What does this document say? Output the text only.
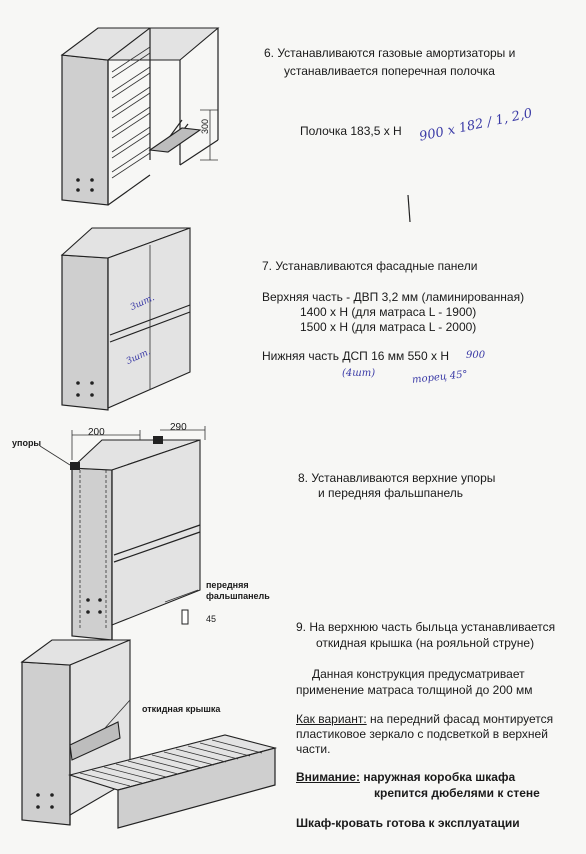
6. Устанавливаются газовые амортизаторы и
устанавливается поперечная полочка
Полочка 183,5 х Н 900 х 182 / 1, 2,0
300
7. Устанавливаются фасадные панели
Верхняя часть - ДВП 3,2 мм (ламинированная)
1400 х Н (для матраса L - 1900)
1500 х Н (для матраса L - 2000)
Нижняя часть ДСП 16 мм 550 х Н 900
(4шт)	торец 45°
3шт.
3шт.
8. Устанавливаются верхние упоры
и передняя фальшпанель
200	290
упоры
передняя
фальшпанель
45
9. На верхнюю часть быльца устанавливается
откидная крышка (на рояльной струне)
Данная конструкция предусматривает
применение матраса толщиной до 200 мм
Как вариант: на передний фасад монтируется
пластиковое зеркало с подсветкой в верхней
части.
Внимание: наружная коробка шкафа
крепится дюбелями к стене
Шкаф-кровать готова к эксплуатации
откидная крышка
